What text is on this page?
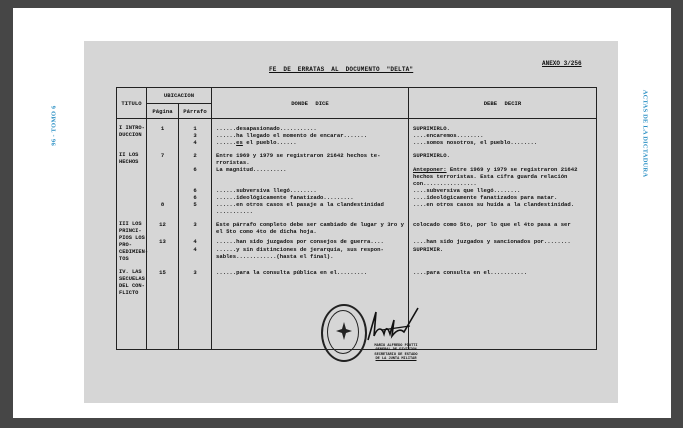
96 - TOMO 6	ACTAS DE LA DICTADURA
ANEXO 3/256
FE DE ERRATAS AL DOCUMENTO "DELTA"
TITULO	UBICACION		DONDE DICE	DEBE DECIR
	Página	Párrafo		

I INTRO- DUCCION	1	1	......desapasionado...........	SUPRIMIRLO.
		3	......ha llegado el momento de encarar.......	....encaremos........
		4	......es el pueblo......	....somos nosotros, el pueblo........

II LOS HECHOS	7	2	Entre 1969 y 1979 se registraron 21642 hechos te-rroristas.	SUPRIMIRLO.
		6	La magnitud..........	Anteponer: Entre 1969 y 1979 se registraron 21642 hechos terroristas. Esta cifra guarda relación con................
		6	......subversiva llegó........	....subversiva que llegó........
		6	......ideológicamente fanatizado.........	....ideológicamente fanatizados para matar.
	8	5	......en otros casos el pasaje a la clandestinidad ...........	....en otros casos su huída a la clandestinidad.

III LOS PRINCI- PIOS LOS PRO- CEDIMIEN- TOS	12	3	Este párrafo completo debe ser cambiado de lugar y 3ro y el 5to como 4to de dicha hoja.	colocado como 5to, por lo que el 4to pasa a ser
	13	4	......han sido juzgados por consejos de guerra....	....han sido juzgados y sancionados por........
		4	......y sin distinciones de jerarquía, sus respon-sables............(hasta el final).	SUPRIMIR.

IV. LAS SECUELAS DEL CON- FLICTO	15	3	......para la consulta pública en el.........	....para consulta en el...........
MARIO ALFREDO PIOTTI
GENERAL DE DIVISION
SECRETARIO DE ESTADO
DE LA JUNTA MILITAR
